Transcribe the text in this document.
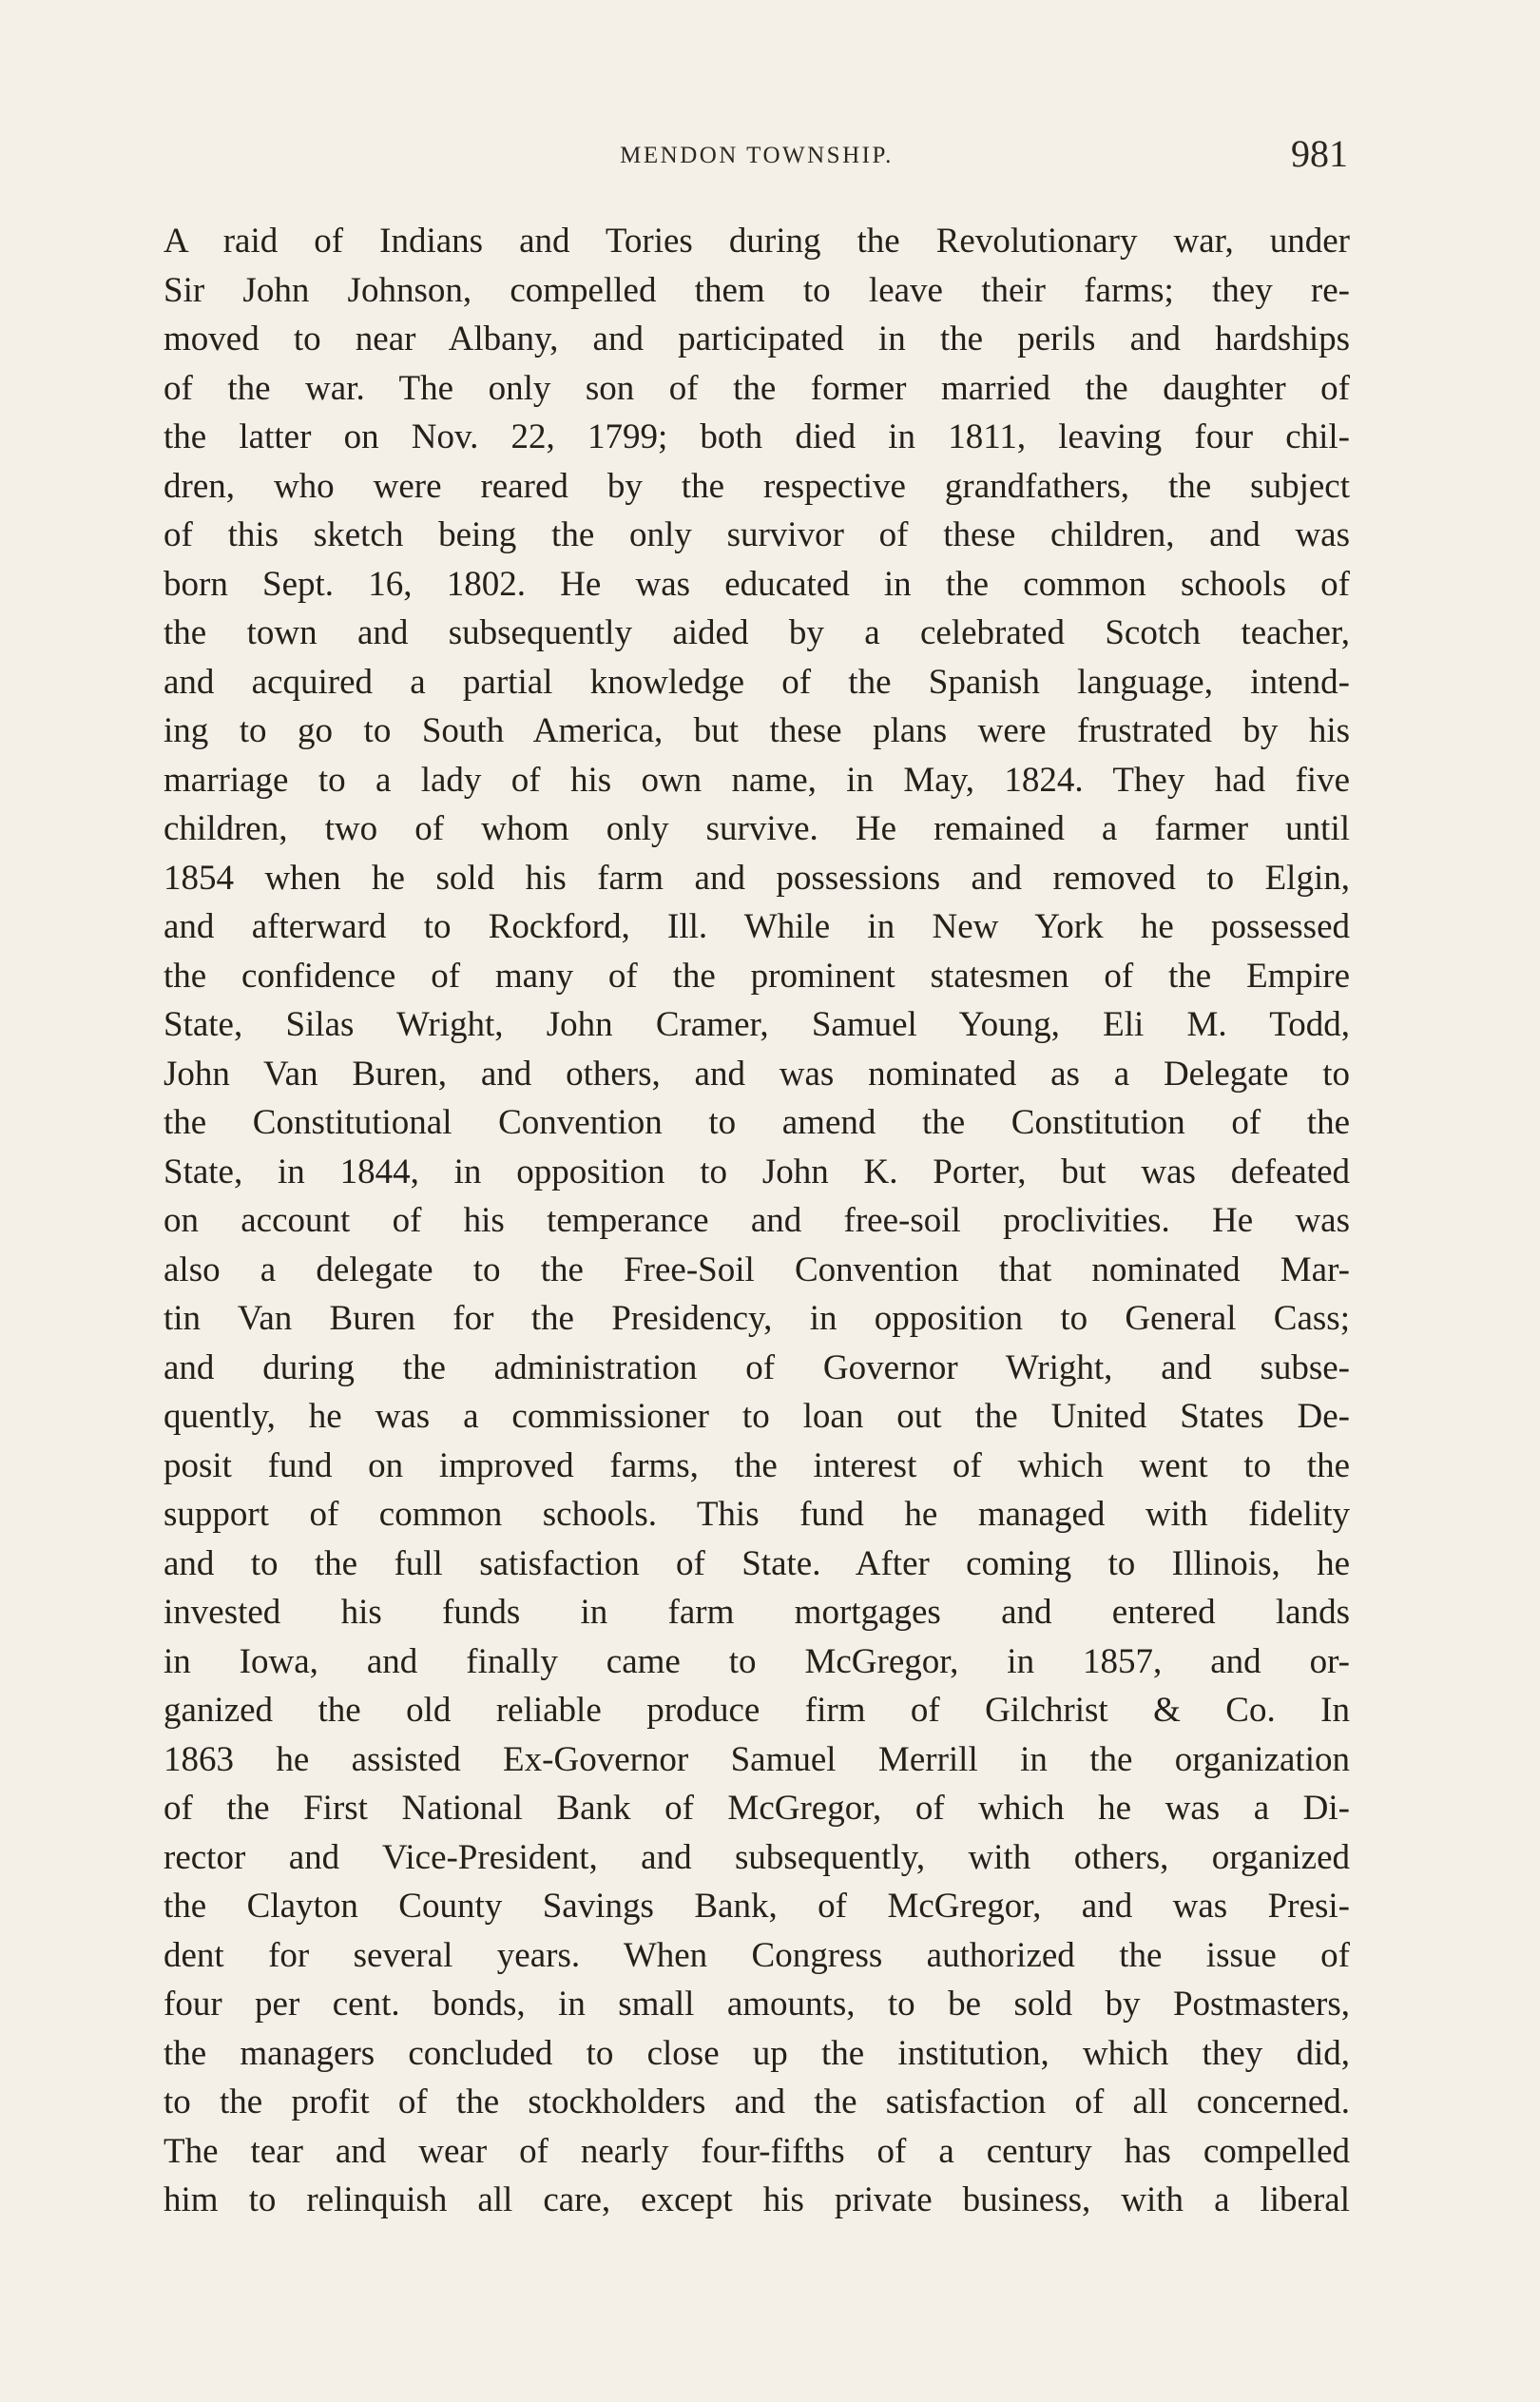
MENDON TOWNSHIP.	981
A raid of Indians and Tories during the Revolutionary war, under
Sir John Johnson, compelled them to leave their farms; they re-
moved to near Albany, and participated in the perils and hardships
of the war. The only son of the former married the daughter of
the latter on Nov. 22, 1799; both died in 1811, leaving four chil-
dren, who were reared by the respective grandfathers, the subject
of this sketch being the only survivor of these children, and was
born Sept. 16, 1802. He was educated in the common schools of
the town and subsequently aided by a celebrated Scotch teacher,
and acquired a partial knowledge of the Spanish language, intend-
ing to go to South America, but these plans were frustrated by his
marriage to a lady of his own name, in May, 1824. They had five
children, two of whom only survive. He remained a farmer until
1854 when he sold his farm and possessions and removed to Elgin,
and afterward to Rockford, Ill. While in New York he possessed
the confidence of many of the prominent statesmen of the Empire
State, Silas Wright, John Cramer, Samuel Young, Eli M. Todd,
John Van Buren, and others, and was nominated as a Delegate to
the Constitutional Convention to amend the Constitution of the
State, in 1844, in opposition to John K. Porter, but was defeated
on account of his temperance and free-soil proclivities. He was
also a delegate to the Free-Soil Convention that nominated Mar-
tin Van Buren for the Presidency, in opposition to General Cass;
and during the administration of Governor Wright, and subse-
quently, he was a commissioner to loan out the United States De-
posit fund on improved farms, the interest of which went to the
support of common schools. This fund he managed with fidelity
and to the full satisfaction of State. After coming to Illinois, he
invested his funds in farm mortgages and entered lands
in Iowa, and finally came to McGregor, in 1857, and or-
ganized the old reliable produce firm of Gilchrist & Co. In
1863 he assisted Ex-Governor Samuel Merrill in the organization
of the First National Bank of McGregor, of which he was a Di-
rector and Vice-President, and subsequently, with others, organized
the Clayton County Savings Bank, of McGregor, and was Presi-
dent for several years. When Congress authorized the issue of
four per cent. bonds, in small amounts, to be sold by Postmasters,
the managers concluded to close up the institution, which they did,
to the profit of the stockholders and the satisfaction of all concerned.
The tear and wear of nearly four-fifths of a century has compelled
him to relinquish all care, except his private business, with a liberal
